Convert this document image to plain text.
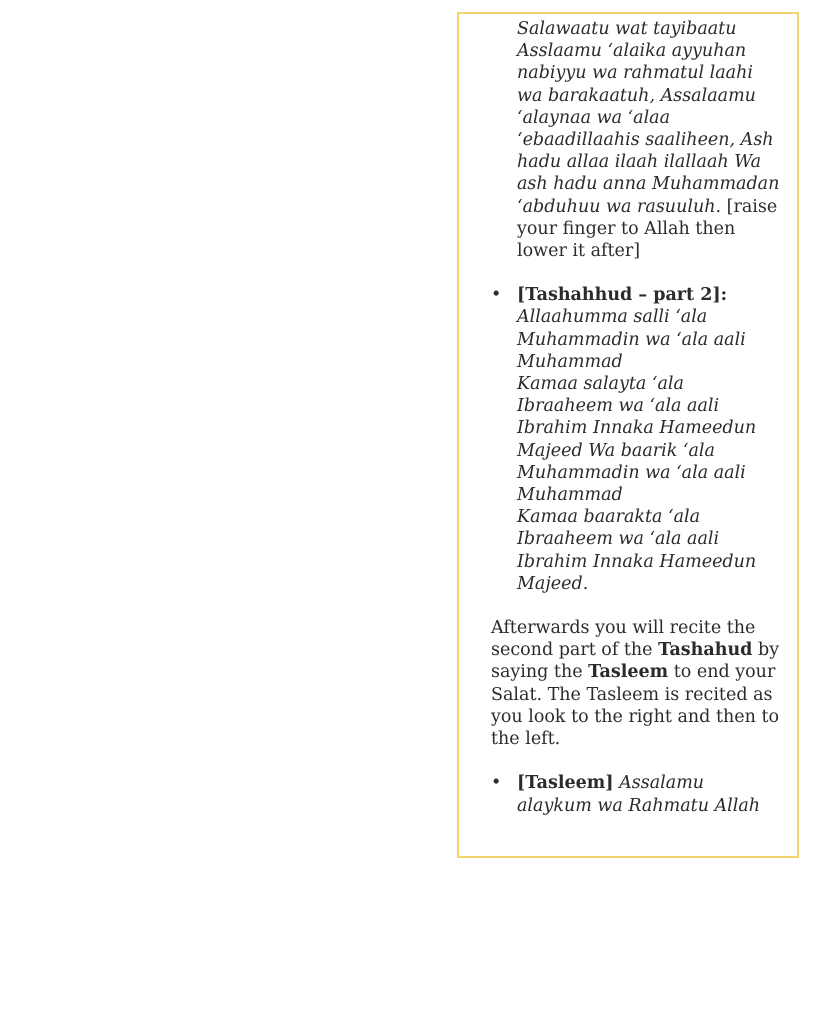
Salawaatu wat tayibaatu Asslaamu ‘alaika ayyuhan nabiyyu wa rahmatul laahi wa barakaatuh, Assalaamu ‘alaynaa wa ‘alaa ‘ebaadillaahis saaliheen, Ash hadu allaa ilaah ilallaah Wa ash hadu anna Muhammadan ‘abduhuu wa rasuuluh. [raise your finger to Allah then lower it after]
• [Tashahhud – part 2]:
Allaahumma salli ‘ala Muhammadin wa ‘ala aali Muhammad
Kamaa salayta ‘ala Ibraaheem wa ‘ala aali Ibrahim Innaka Hameedun Majeed Wa baarik ‘ala Muhammadin wa ‘ala aali Muhammad
Kamaa baarakta ‘ala Ibraaheem wa ‘ala aali Ibrahim Innaka Hameedun Majeed.

Afterwards you will recite the second part of the Tashahud by saying the Tasleem to end your Salat. The Tasleem is recited as you look to the right and then to the left.

• [Tasleem] Assalamu alaykum wa Rahmatu Allah
